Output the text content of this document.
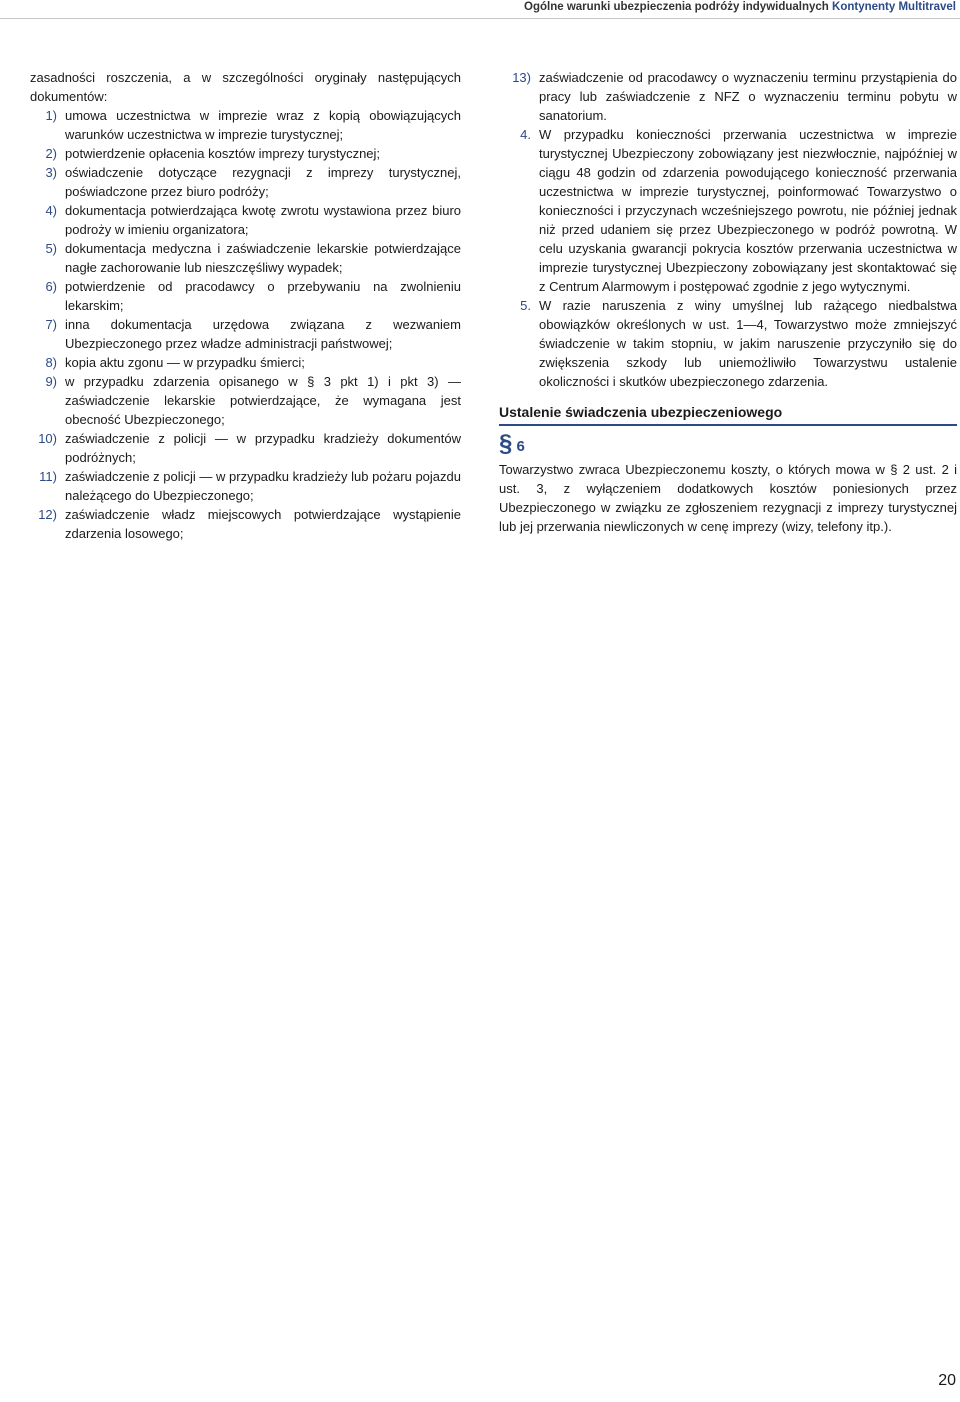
Ogólne warunki ubezpieczenia podróży indywidualnych Kontynenty Multitravel

zasadności roszczenia, a w szczególności oryginały następujących dokumentów:

1) umowa uczestnictwa w imprezie wraz z kopią obowiązujących warunków uczestnictwa w imprezie turystycznej;

2) potwierdzenie opłacenia kosztów imprezy turystycznej;

3) oświadczenie dotyczące rezygnacji z imprezy turystycznej, poświadczone przez biuro podróży;

4) dokumentacja potwierdzająca kwotę zwrotu wystawiona przez biuro podroży w imieniu organizatora;

5) dokumentacja medyczna i zaświadczenie lekarskie potwierdzające nagłe zachorowanie lub nieszczęśliwy wypadek;

6) potwierdzenie od pracodawcy o przebywaniu na zwolnieniu lekarskim;

7) inna dokumentacja urzędowa związana z wezwaniem Ubezpieczonego przez władze administracji państwowej;

8) kopia aktu zgonu — w przypadku śmierci;

9) w przypadku zdarzenia opisanego w § 3 pkt 1) i pkt 3) — zaświadczenie lekarskie potwierdzające, że wymagana jest obecność Ubezpieczonego;

10) zaświadczenie z policji — w przypadku kradzieży dokumentów podróżnych;

11) zaświadczenie z policji — w przypadku kradzieży lub pożaru pojazdu należącego do Ubezpieczonego;

12) zaświadczenie władz miejscowych potwierdzające wystąpienie zdarzenia losowego;

13) zaświadczenie od pracodawcy o wyznaczeniu terminu przystąpienia do pracy lub zaświadczenie z NFZ o wyznaczeniu terminu pobytu w sanatorium.

4. W przypadku konieczności przerwania uczestnictwa w imprezie turystycznej Ubezpieczony zobowiązany jest niezwłocznie, najpóźniej w ciągu 48 godzin od zdarzenia powodującego konieczność przerwania uczestnictwa w imprezie turystycznej, poinformować Towarzystwo o konieczności i przyczynach wcześniejszego powrotu, nie później jednak niż przed udaniem się przez Ubezpieczonego w podróż powrotną. W celu uzyskania gwarancji pokrycia kosztów przerwania uczestnictwa w imprezie turystycznej Ubezpieczony zobowiązany jest skontaktować się z Centrum Alarmowym i postępować zgodnie z jego wytycznymi.

5. W razie naruszenia z winy umyślnej lub rażącego niedbalstwa obowiązków określonych w ust. 1—4, Towarzystwo może zmniejszyć świadczenie w takim stopniu, w jakim naruszenie przyczyniło się do zwiększenia szkody lub uniemożliwiło Towarzystwu ustalenie okoliczności i skutków ubezpieczonego zdarzenia.

Ustalenie świadczenia ubezpieczeniowego
§ 6

Towarzystwo zwraca Ubezpieczonemu koszty, o których mowa w § 2 ust. 2 i ust. 3, z wyłączeniem dodatkowych kosztów poniesionych przez Ubezpieczonego w związku ze zgłoszeniem rezygnacji z imprezy turystycznej lub jej przerwania niewliczonych w cenę imprezy (wizy, telefony itp.).

20
